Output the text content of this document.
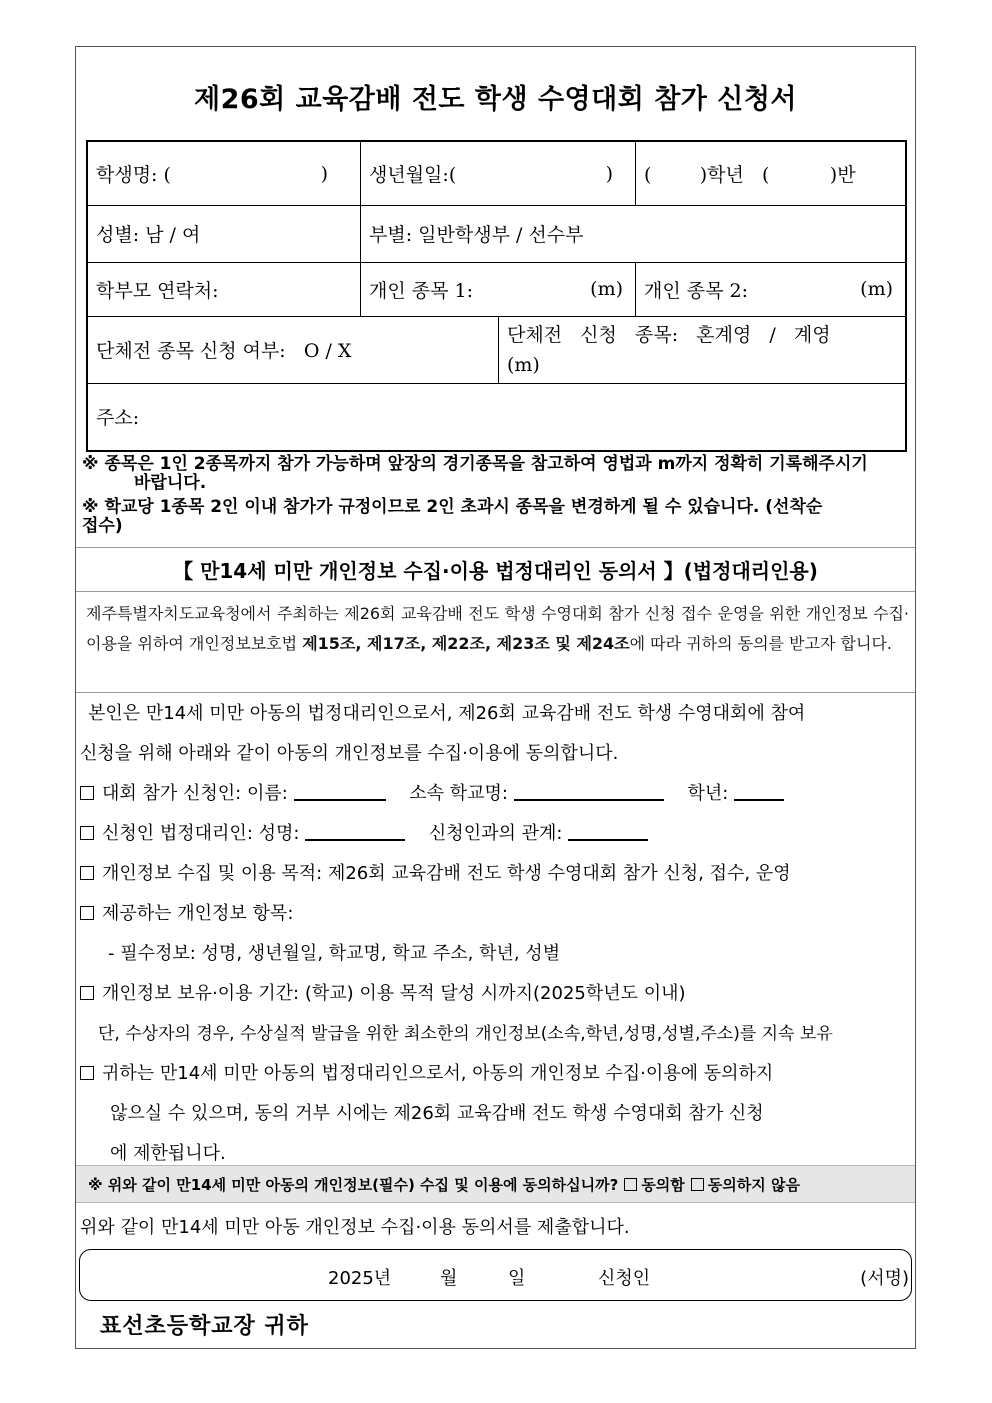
제26회 교육감배 전도 학생 수영대회 참가 신청서
학생명: (	) 생년월일:(	)	(        )학년   (          )반
성별: 남 / 여	부별: 일반학생부 / 선수부
학부모 연락처:	개인 종목 1:	(m) 개인 종목 2:	(m)
단체전 종목 신청 여부:   O / X
단체전   신청   종목:   혼계영   /   계영
(m)
주소:
※ 종목은 1인 2종목까지 참가 가능하며 앞장의 경기종목을 참고하여 영법과 m까지 정확히 기록해주시기
바랍니다.
※ 학교당 1종목 2인 이내 참가가 규정이므로 2인 초과시 종목을 변경하게 될 수 있습니다. (선착순
접수)
【 만14세 미만 개인정보 수집·이용 법정대리인 동의서 】(법정대리인용)
제주특별자치도교육청에서 주최하는 제26회 교육감배 전도 학생 수영대회 참가 신청 접수 운영을 위한 개인정보 수집·이용을 위하여 개인정보보호법 제15조, 제17조, 제22조, 제23조 및 제24조에 따라 귀하의 동의를 받고자 합니다.
본인은 만14세 미만 아동의 법정대리인으로서, 제26회 교육감배 전도 학생 수영대회에 참여
신청을 위해 아래와 같이 아동의 개인정보를 수집·이용에 동의합니다.
대회 참가 신청인: 이름:	소속 학교명:	학년:
신청인 법정대리인: 성명:	신청인과의 관계:
개인정보 수집 및 이용 목적: 제26회 교육감배 전도 학생 수영대회 참가 신청, 접수, 운영
제공하는 개인정보 항목:
- 필수정보: 성명, 생년월일, 학교명, 학교 주소, 학년, 성별
개인정보 보유·이용 기간: (학교) 이용 목적 달성 시까지(2025학년도 이내)
단, 수상자의 경우, 수상실적 발급을 위한 최소한의 개인정보(소속,학년,성명,성별,주소)를 지속 보유
귀하는 만14세 미만 아동의 법정대리인으로서, 아동의 개인정보 수집·이용에 동의하지
않으실 수 있으며, 동의 거부 시에는 제26회 교육감배 전도 학생 수영대회 참가 신청
에 제한됩니다.
※ 위와 같이 만14세 미만 아동의 개인정보(필수) 수집 및 이용에 동의하십니까? 동의함 동의하지 않음
위와 같이 만14세 미만 아동 개인정보 수집·이용 동의서를 제출합니다.
2025년	월	일	신청인	(서명)
표선초등학교장 귀하
